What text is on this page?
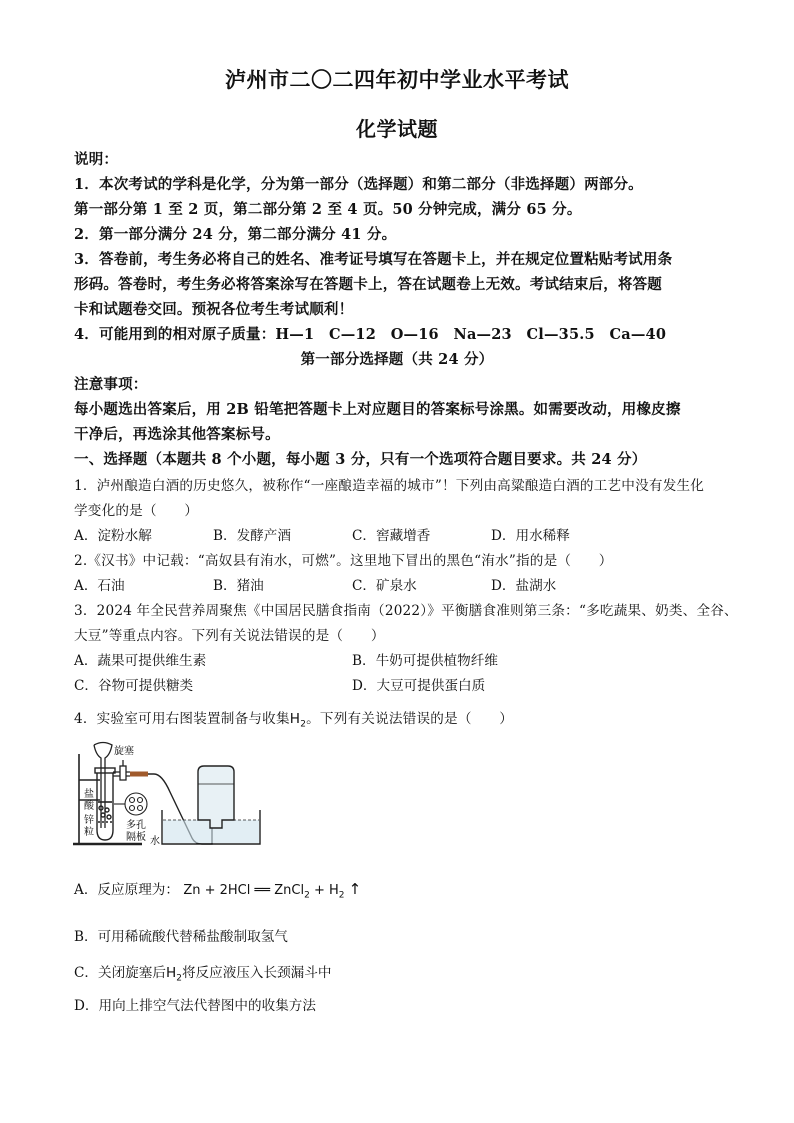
泸州市二〇二四年初中学业水平考试
化学试题
说明：
1．本次考试的学科是化学，分为第一部分（选择题）和第二部分（非选择题）两部分。
第一部分第 1 至 2 页，第二部分第 2 至 4 页。50 分钟完成，满分 65 分。
2．第一部分满分 24 分，第二部分满分 41 分。
3．答卷前，考生务必将自己的姓名、准考证号填写在答题卡上，并在规定位置粘贴考试用条
形码。答卷时，考生务必将答案涂写在答题卡上，答在试题卷上无效。考试结束后，将答题
卡和试题卷交回。预祝各位考生考试顺利！
4．可能用到的相对原子质量：H—1　C—12　O—16　Na—23　Cl—35.5　Ca—40
第一部分选择题（共 24 分）
注意事项：
每小题选出答案后，用 2B 铅笔把答题卡上对应题目的答案标号涂黑。如需要改动，用橡皮擦
干净后，再选涂其他答案标号。
一、选择题（本题共 8 个小题，每小题 3 分，只有一个选项符合题目要求。共 24 分）
1．泸州酿造白酒的历史悠久，被称作“一座酿造幸福的城市”！下列由高粱酿造白酒的工艺中没有发生化
学变化的是（　　）
A．淀粉水解	B．发酵产酒	C．窖藏增香	D．用水稀释
2.《汉书》中记载：“高奴县有洧水，可燃”。这里地下冒出的黑色“洧水”指的是（　　）
A．石油	B．猪油	C．矿泉水	D．盐湖水
3．2024 年全民营养周聚焦《中国居民膳食指南（2022）》平衡膳食准则第三条：“多吃蔬果、奶类、全谷、
大豆”等重点内容。下列有关说法错误的是（　　）
A．蔬果可提供维生素	B．牛奶可提供植物纤维
C．谷物可提供糖类	D．大豆可提供蛋白质
4．实验室可用右图装置制备与收集$H_2$。下列有关说法错误的是（　　）
旋塞
盐
酸
锌
粒
多孔
隔板 水
A．反应原理为： Zn + 2HCl ══ ZnCl$_2$ + $H_2$ ↑
B．可用稀硫酸代替稀盐酸制取氢气
C．关闭旋塞后$H_2$将反应液压入长颈漏斗中
D．用向上排空气法代替图中的收集方法
